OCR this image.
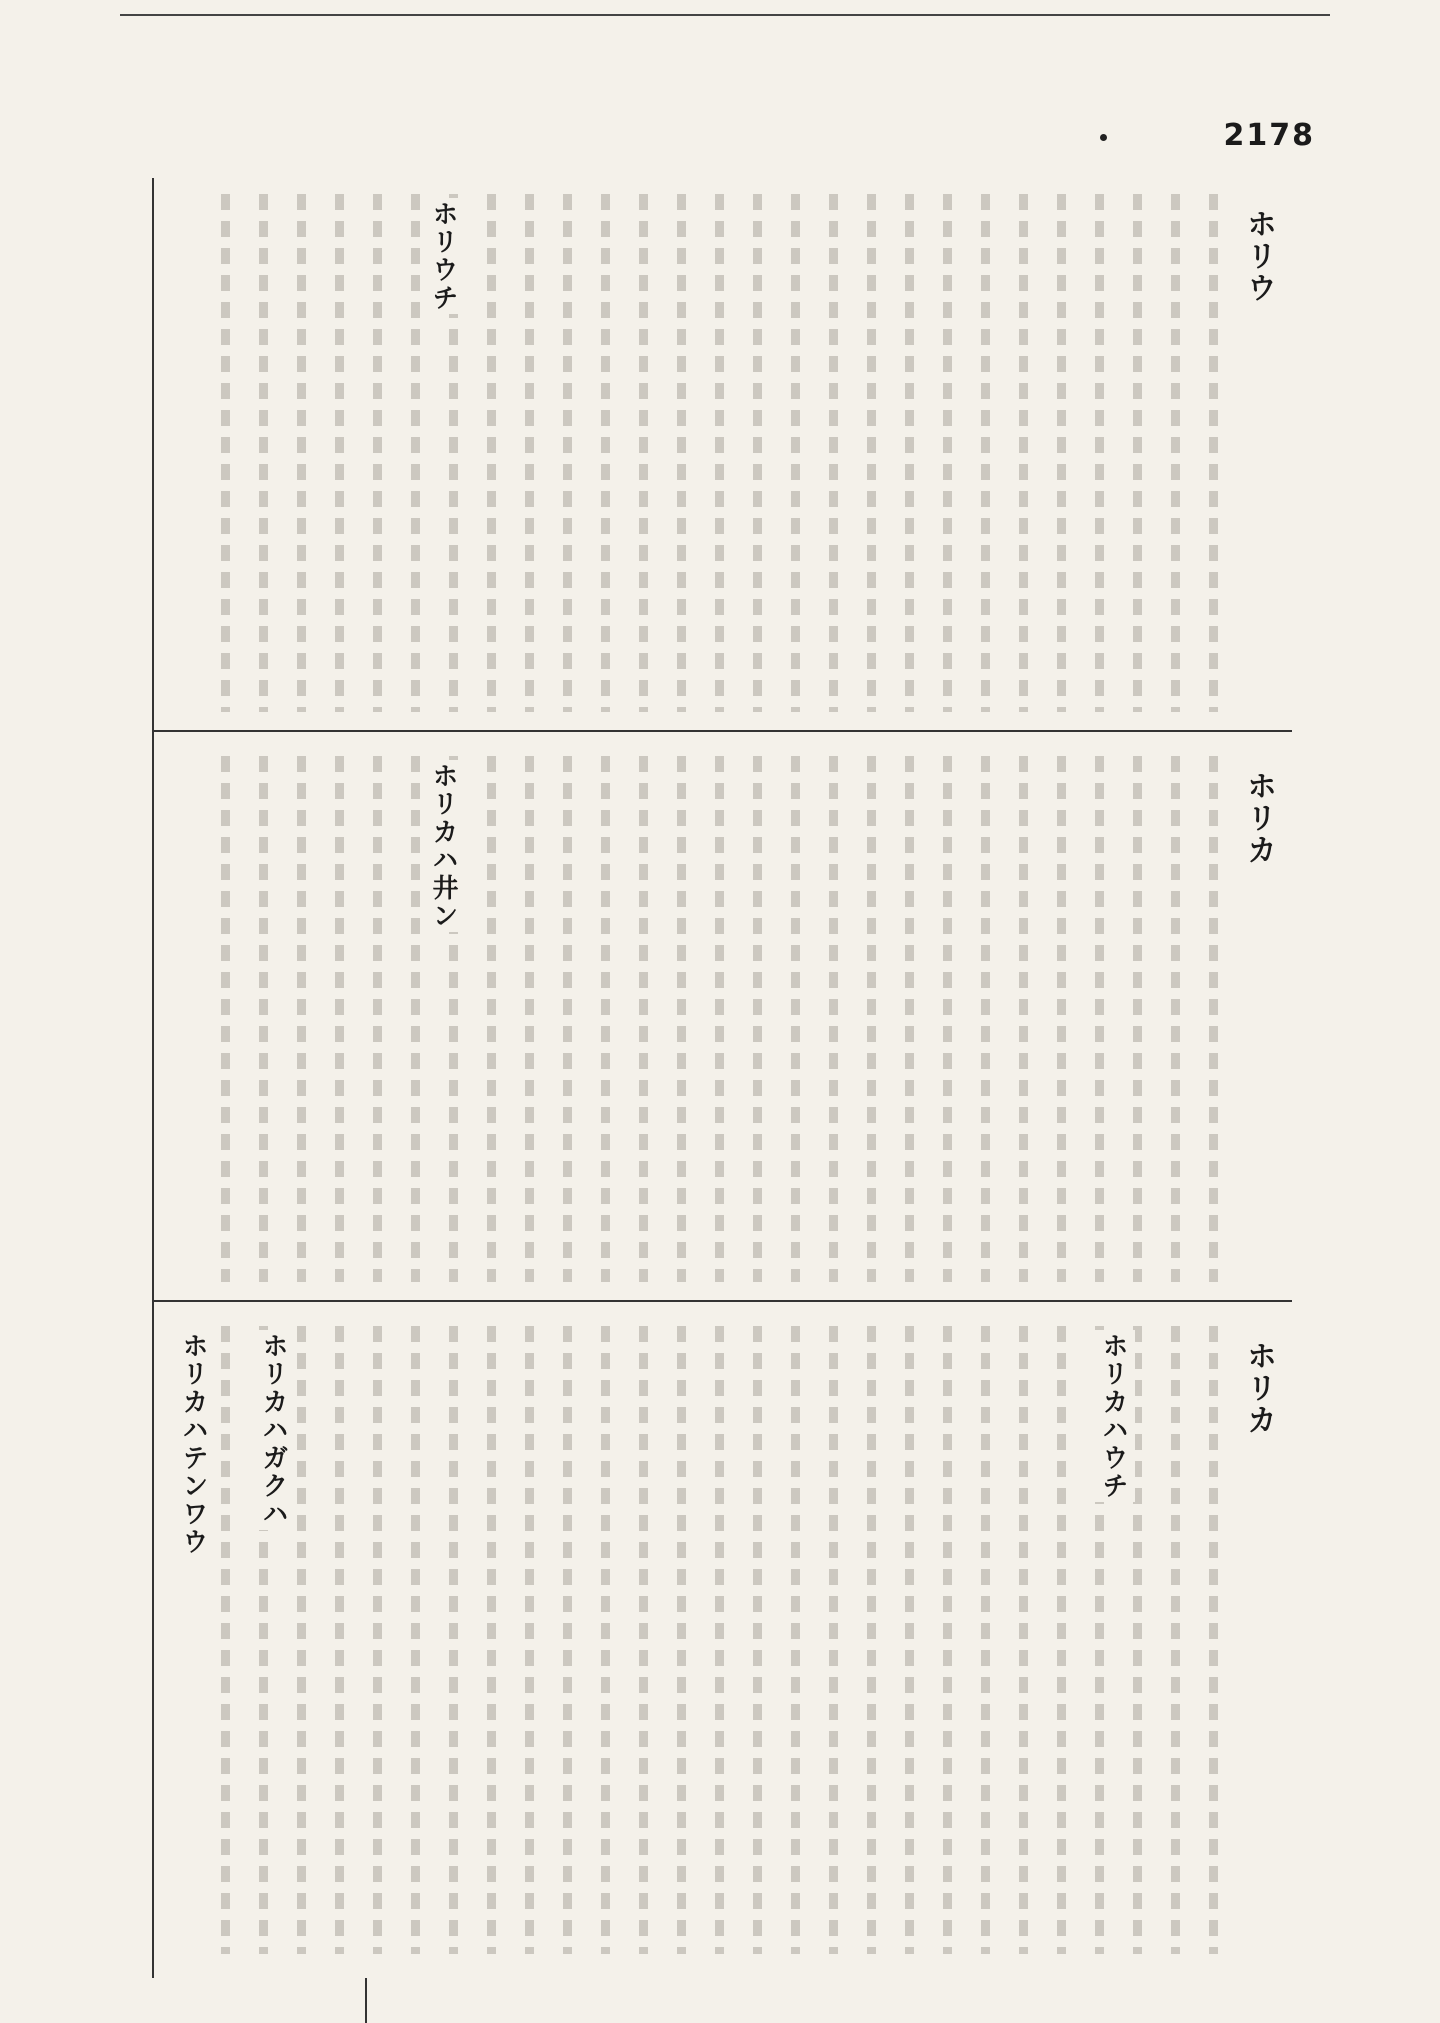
2178
ホリウ
ホリウチ
ホリカ
ホリカハ井ン
ホリカ
ホリカハウチ
ホリカハガクハ
ホリカハテンワウ
